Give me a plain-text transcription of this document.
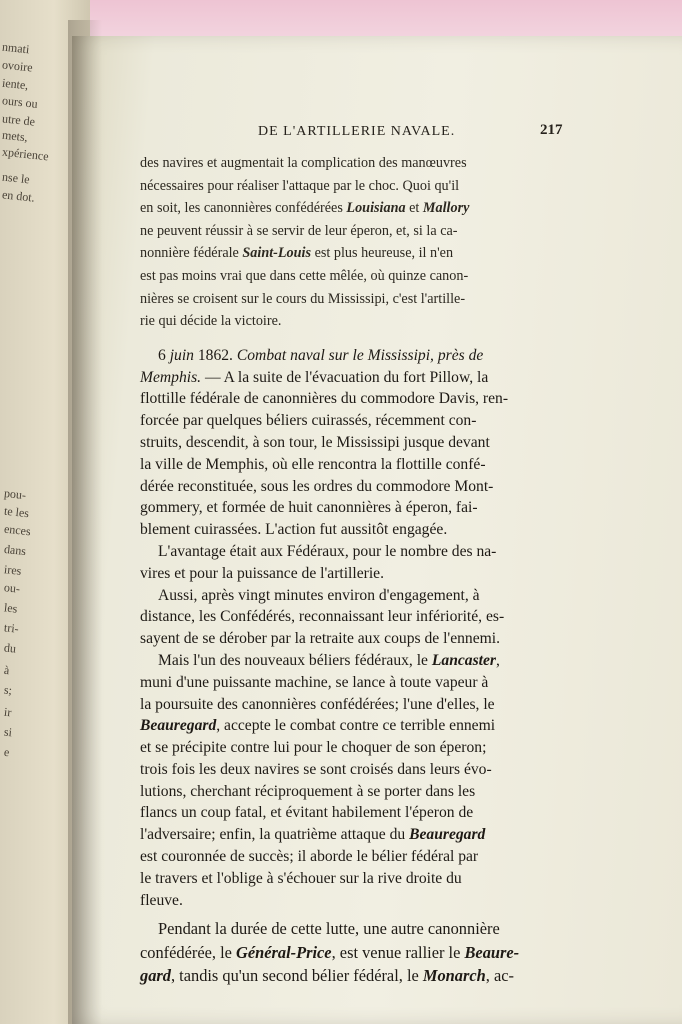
nmati
ovoire
iente,
ours ou
utre de
mets,
xpérience
nse le
en dot.
pou-
te les
ences
dans
ires
ou-
les
tri-
du
à
s;
ir
si
e
DE L'ARTILLERIE NAVALE.	217
des navires et augmentait la complication des manœuvres
nécessaires pour réaliser l'attaque par le choc. Quoi qu'il
en soit, les canonnières confédérées Louisiana et Mallory
ne peuvent réussir à se servir de leur éperon, et, si la ca-
nonnière fédérale Saint-Louis est plus heureuse, il n'en
est pas moins vrai que dans cette mêlée, où quinze canon-
nières se croisent sur le cours du Mississipi, c'est l'artille-
rie qui décide la victoire.
6 juin 1862. Combat naval sur le Mississipi, près de
Memphis. — A la suite de l'évacuation du fort Pillow, la
flottille fédérale de canonnières du commodore Davis, ren-
forcée par quelques béliers cuirassés, récemment con-
struits, descendit, à son tour, le Mississipi jusque devant
la ville de Memphis, où elle rencontra la flottille confé-
dérée reconstituée, sous les ordres du commodore Mont-
gommery, et formée de huit canonnières à éperon, fai-
blement cuirassées. L'action fut aussitôt engagée.
L'avantage était aux Fédéraux, pour le nombre des na-
vires et pour la puissance de l'artillerie.
Aussi, après vingt minutes environ d'engagement, à
distance, les Confédérés, reconnaissant leur infériorité, es-
sayent de se dérober par la retraite aux coups de l'ennemi.
Mais l'un des nouveaux béliers fédéraux, le Lancaster,
muni d'une puissante machine, se lance à toute vapeur à
la poursuite des canonnières confédérées; l'une d'elles, le
Beauregard, accepte le combat contre ce terrible ennemi
et se précipite contre lui pour le choquer de son éperon;
trois fois les deux navires se sont croisés dans leurs évo-
lutions, cherchant réciproquement à se porter dans les
flancs un coup fatal, et évitant habilement l'éperon de
l'adversaire; enfin, la quatrième attaque du Beauregard
est couronnée de succès; il aborde le bélier fédéral par
le travers et l'oblige à s'échouer sur la rive droite du
fleuve.
Pendant la durée de cette lutte, une autre canonnière
confédérée, le Général-Price, est venue rallier le Beaure-
gard, tandis qu'un second bélier fédéral, le Monarch, ac-
